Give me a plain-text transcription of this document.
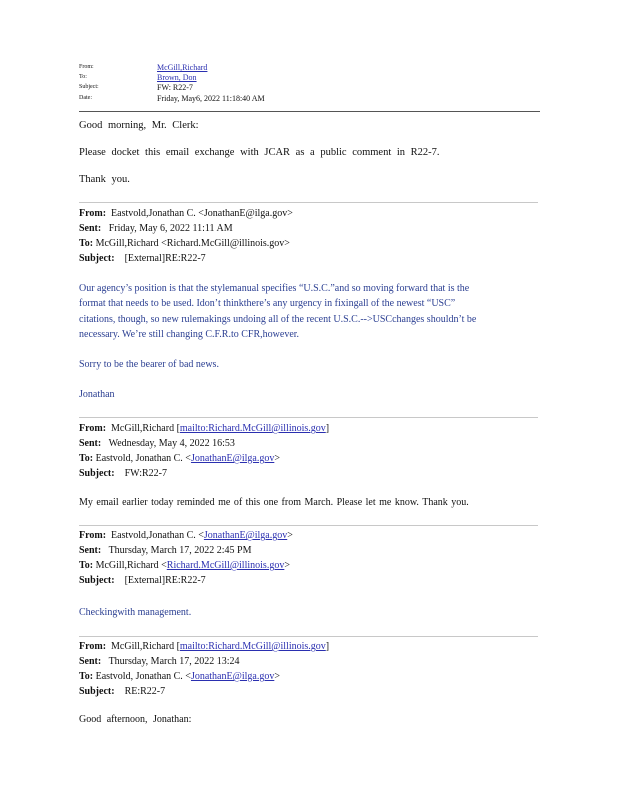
From:	McGill,Richard
To:	Brown, Don
Subject:	FW: R22-7
Date:	Friday, May6, 2022 11:18:40 AM
Good morning, Mr. Clerk:
Please docket this email exchange with JCAR as a public comment in R22-7.
Thank you.
From: Eastvold,Jonathan C. <JonathanE@ilga.gov>
Sent: Friday, May 6, 2022 11:11 AM
To: McGill,Richard <Richard.McGill@illinois.gov>
Subject: [External]RE:R22-7
Our agency’s position is that the stylemanual specifies “U.S.C.”and so moving forward that is the
format that needs to be used. Idon’t thinkthere’s any urgency in fixingall of the newest “USC”
citations, though, so new rulemakings undoing all of the recent U.S.C.-->USCchanges shouldn’t be
necessary. We’re still changing C.F.R.to CFR,however.
Sorry to be the bearer of bad news.
Jonathan
From: McGill,Richard [mailto:Richard.McGill@illinois.gov]
Sent: Wednesday, May 4, 2022 16:53
To: Eastvold, Jonathan C. <JonathanE@ilga.gov>
Subject: FW:R22-7
My email earlier today reminded me of this one from March. Please let me know. Thank you.
From: Eastvold,Jonathan C. <JonathanE@ilga.gov>
Sent: Thursday, March 17, 2022 2:45 PM
To: McGill,Richard <Richard.McGill@illinois.gov>
Subject: [External]RE:R22-7
Checkingwith management.
From: McGill,Richard [mailto:Richard.McGill@illinois.gov]
Sent: Thursday, March 17, 2022 13:24
To: Eastvold, Jonathan C. <JonathanE@ilga.gov>
Subject: RE:R22-7
Good afternoon, Jonathan:
